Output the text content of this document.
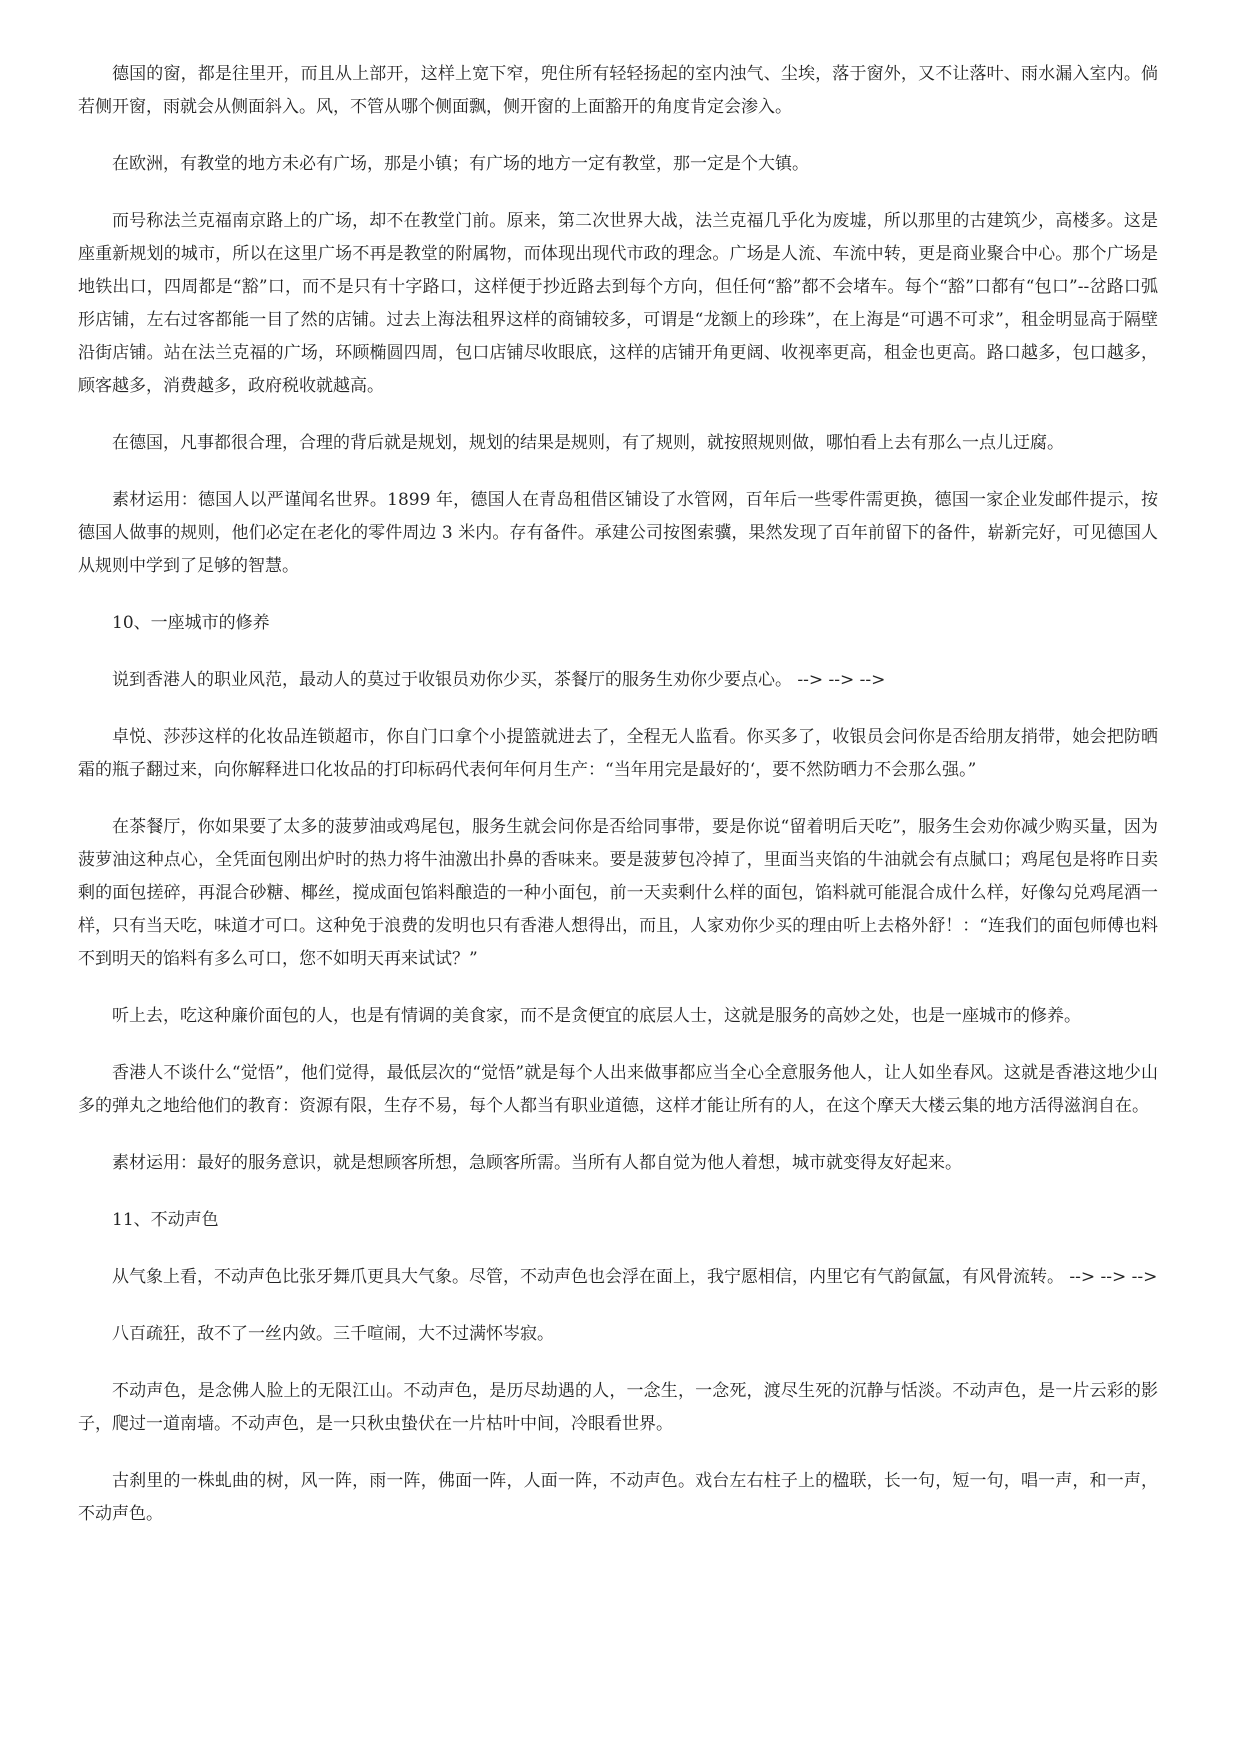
德国的窗，都是往里开，而且从上部开，这样上宽下窄，兜住所有轻轻扬起的室内浊气、尘埃，落于窗外，又不让落叶、雨水漏入室内。倘若侧开窗，雨就会从侧面斜入。风，不管从哪个侧面飘，侧开窗的上面豁开的角度肯定会渗入。

在欧洲，有教堂的地方未必有广场，那是小镇；有广场的地方一定有教堂，那一定是个大镇。

而号称法兰克福南京路上的广场，却不在教堂门前。原来，第二次世界大战，法兰克福几乎化为废墟，所以那里的古建筑少，高楼多。这是座重新规划的城市，所以在这里广场不再是教堂的附属物，而体现出现代市政的理念。广场是人流、车流中转，更是商业聚合中心。那个广场是地铁出口，四周都是“豁”口，而不是只有十字路口，这样便于抄近路去到每个方向，但任何“豁”都不会堵车。每个“豁”口都有“包口”--岔路口弧形店铺，左右过客都能一目了然的店铺。过去上海法租界这样的商铺较多，可谓是“龙额上的珍珠”，在上海是“可遇不可求”，租金明显高于隔壁沿街店铺。站在法兰克福的广场，环顾椭圆四周，包口店铺尽收眼底，这样的店铺开角更阔、收视率更高，租金也更高。路口越多，包口越多，顾客越多，消费越多，政府税收就越高。

在德国，凡事都很合理，合理的背后就是规划，规划的结果是规则，有了规则，就按照规则做，哪怕看上去有那么一点儿迂腐。

素材运用：德国人以严谨闻名世界。1899 年，德国人在青岛租借区铺设了水管网，百年后一些零件需更换，德国一家企业发邮件提示，按德国人做事的规则，他们必定在老化的零件周边 3 米内。存有备件。承建公司按图索骥，果然发现了百年前留下的备件，崭新完好，可见德国人从规则中学到了足够的智慧。

10、一座城市的修养

说到香港人的职业风范，最动人的莫过于收银员劝你少买，茶餐厅的服务生劝你少要点心。 --> --> -->

卓悦、莎莎这样的化妆品连锁超市，你自门口拿个小提篮就进去了，全程无人监看。你买多了，收银员会问你是否给朋友捎带，她会把防晒霜的瓶子翻过来，向你解释进口化妆品的打印标码代表何年何月生产：“当年用完是最好的‘，要不然防晒力不会那么强。”

在茶餐厅，你如果要了太多的菠萝油或鸡尾包，服务生就会问你是否给同事带，要是你说“留着明后天吃”，服务生会劝你减少购买量，因为菠萝油这种点心，全凭面包刚出炉时的热力将牛油激出扑鼻的香味来。要是菠萝包冷掉了，里面当夹馅的牛油就会有点腻口；鸡尾包是将昨日卖剩的面包搓碎，再混合砂糖、椰丝，搅成面包馅料酿造的一种小面包，前一天卖剩什么样的面包，馅料就可能混合成什么样，好像勾兑鸡尾酒一样，只有当天吃，味道才可口。这种免于浪费的发明也只有香港人想得出，而且，人家劝你少买的理由听上去格外舒！：“连我们的面包师傅也料不到明天的馅料有多么可口，您不如明天再来试试？”

听上去，吃这种廉价面包的人，也是有情调的美食家，而不是贪便宜的底层人士，这就是服务的高妙之处，也是一座城市的修养。

香港人不谈什么“觉悟”，他们觉得，最低层次的“觉悟”就是每个人出来做事都应当全心全意服务他人，让人如坐春风。这就是香港这地少山多的弹丸之地给他们的教育：资源有限，生存不易，每个人都当有职业道德，这样才能让所有的人，在这个摩天大楼云集的地方活得滋润自在。

素材运用：最好的服务意识，就是想顾客所想，急顾客所需。当所有人都自觉为他人着想，城市就变得友好起来。

11、不动声色

从气象上看，不动声色比张牙舞爪更具大气象。尽管，不动声色也会浮在面上，我宁愿相信，内里它有气韵氤氲，有风骨流转。 --> --> -->

八百疏狂，敌不了一丝内敛。三千喧闹，大不过满怀岑寂。

不动声色，是念佛人脸上的无限江山。不动声色，是历尽劫遇的人，一念生，一念死，渡尽生死的沉静与恬淡。不动声色，是一片云彩的影子，爬过一道南墙。不动声色，是一只秋虫蛰伏在一片枯叶中间，冷眼看世界。

古刹里的一株虬曲的树，风一阵，雨一阵，佛面一阵，人面一阵，不动声色。戏台左右柱子上的楹联，长一句，短一句，唱一声，和一声，不动声色。
